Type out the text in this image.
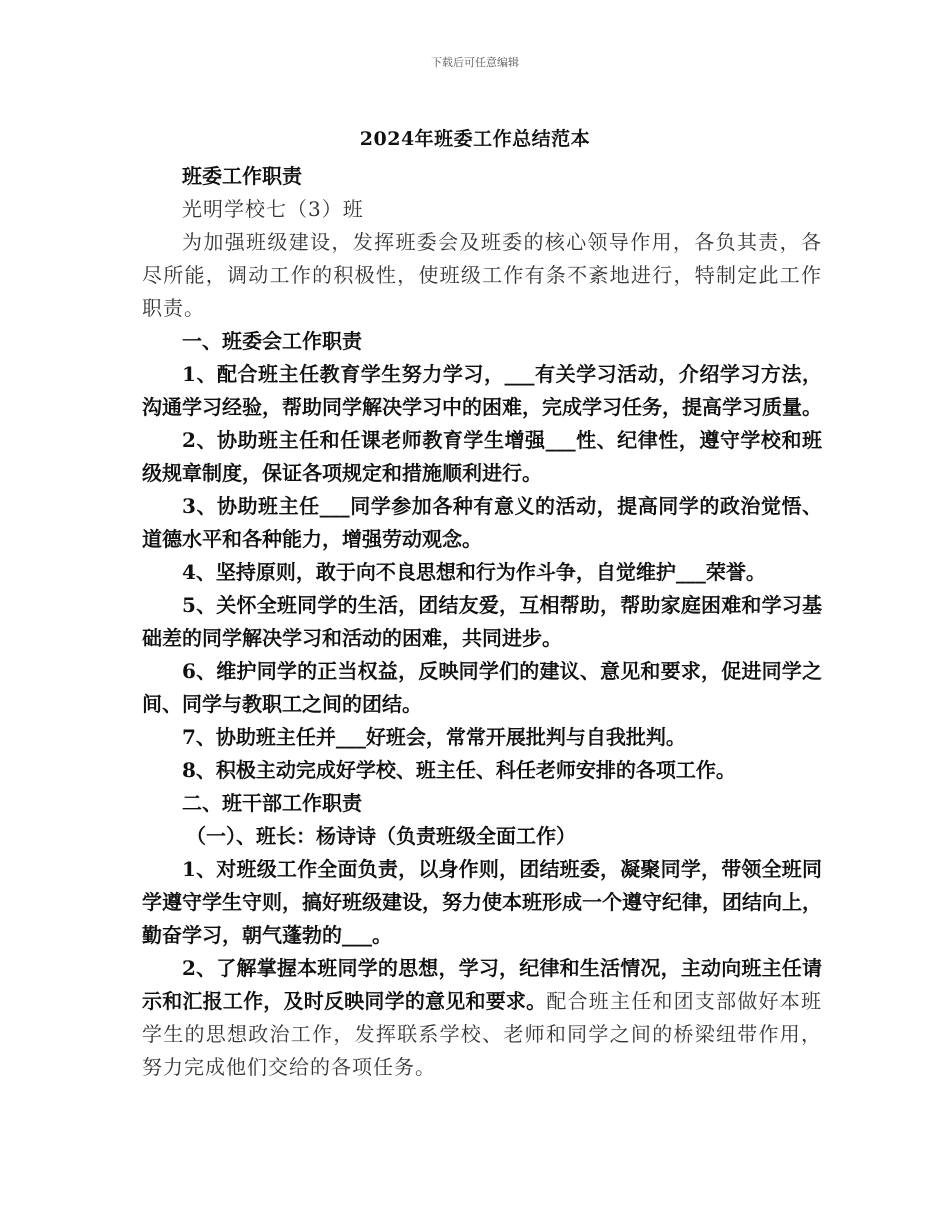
下载后可任意编辑
2024年班委工作总结范本

班委工作职责

光明学校七（3）班

为加强班级建设，发挥班委会及班委的核心领导作用，各负其责，各尽所能，调动工作的积极性，使班级工作有条不紊地进行，特制定此工作职责。

一、班委会工作职责

1、配合班主任教育学生努力学习，___有关学习活动，介绍学习方法，沟通学习经验，帮助同学解决学习中的困难，完成学习任务，提高学习质量。

2、协助班主任和任课老师教育学生增强___性、纪律性，遵守学校和班级规章制度，保证各项规定和措施顺利进行。

3、协助班主任___同学参加各种有意义的活动，提高同学的政治觉悟、道德水平和各种能力，增强劳动观念。

4、坚持原则，敢于向不良思想和行为作斗争，自觉维护___荣誉。

5、关怀全班同学的生活，团结友爱，互相帮助，帮助家庭困难和学习基础差的同学解决学习和活动的困难，共同进步。

6、维护同学的正当权益，反映同学们的建议、意见和要求，促进同学之间、同学与教职工之间的团结。

7、协助班主任并___好班会，常常开展批判与自我批判。

8、积极主动完成好学校、班主任、科任老师安排的各项工作。

二、班干部工作职责

（一）、班长：杨诗诗（负责班级全面工作）

1、对班级工作全面负责，以身作则，团结班委，凝聚同学，带领全班同学遵守学生守则，搞好班级建设，努力使本班形成一个遵守纪律，团结向上，勤奋学习，朝气蓬勃的___。

2、了解掌握本班同学的思想，学习，纪律和生活情况，主动向班主任请示和汇报工作，及时反映同学的意见和要求。配合班主任和团支部做好本班学生的思想政治工作，发挥联系学校、老师和同学之间的桥梁纽带作用，努力完成他们交给的各项任务。
